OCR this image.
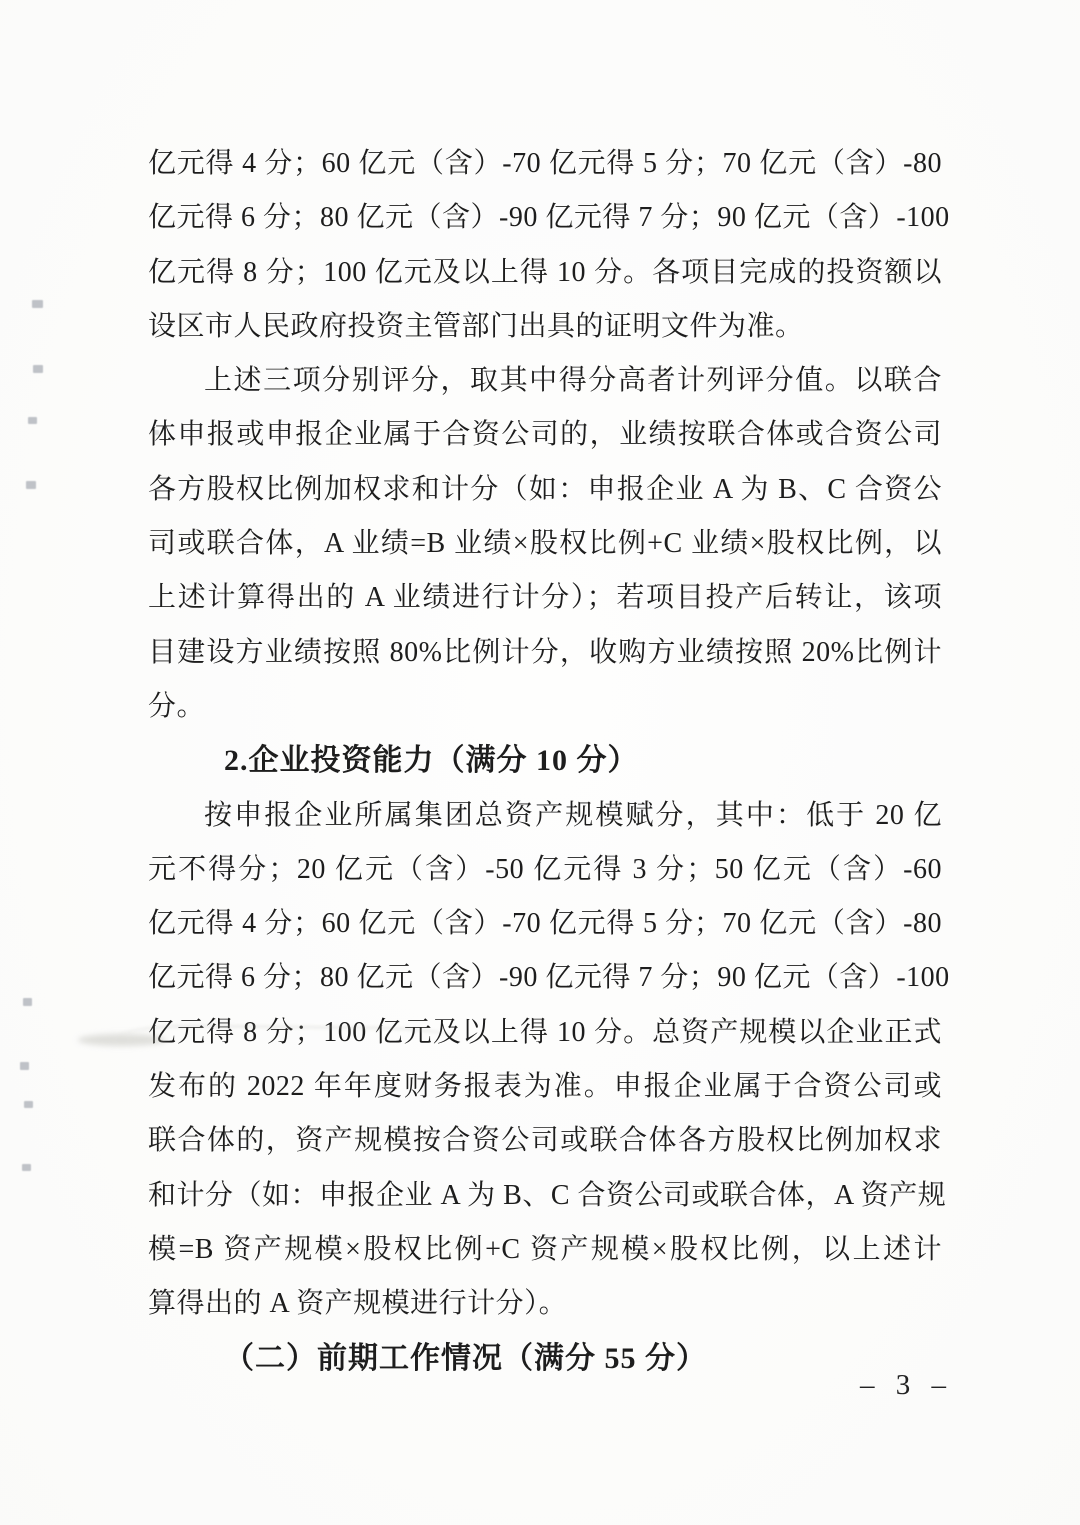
亿元得 4 分；60 亿元（含）-70 亿元得 5 分；70 亿元（含）-80
亿元得 6 分；80 亿元（含）-90 亿元得 7 分；90 亿元（含）-100
亿元得 8 分；100 亿元及以上得 10 分。各项目完成的投资额以
设区市人民政府投资主管部门出具的证明文件为准。
上述三项分别评分，取其中得分高者计列评分值。以联合
体申报或申报企业属于合资公司的，业绩按联合体或合资公司
各方股权比例加权求和计分（如：申报企业 A 为 B、C 合资公
司或联合体，A 业绩=B 业绩×股权比例+C 业绩×股权比例，以
上述计算得出的 A 业绩进行计分）；若项目投产后转让，该项
目建设方业绩按照 80%比例计分，收购方业绩按照 20%比例计
分。
2.企业投资能力（满分 10 分）
按申报企业所属集团总资产规模赋分，其中：低于 20 亿
元不得分；20 亿元（含）-50 亿元得 3 分；50 亿元（含）-60
亿元得 4 分；60 亿元（含）-70 亿元得 5 分；70 亿元（含）-80
亿元得 6 分；80 亿元（含）-90 亿元得 7 分；90 亿元（含）-100
亿元得 8 分；100 亿元及以上得 10 分。总资产规模以企业正式
发布的 2022 年年度财务报表为准。申报企业属于合资公司或
联合体的，资产规模按合资公司或联合体各方股权比例加权求
和计分（如：申报企业 A 为 B、C 合资公司或联合体，A 资产规
模=B 资产规模×股权比例+C 资产规模×股权比例，以上述计
算得出的 A 资产规模进行计分）。
（二）前期工作情况（满分 55 分）
– 3 –
